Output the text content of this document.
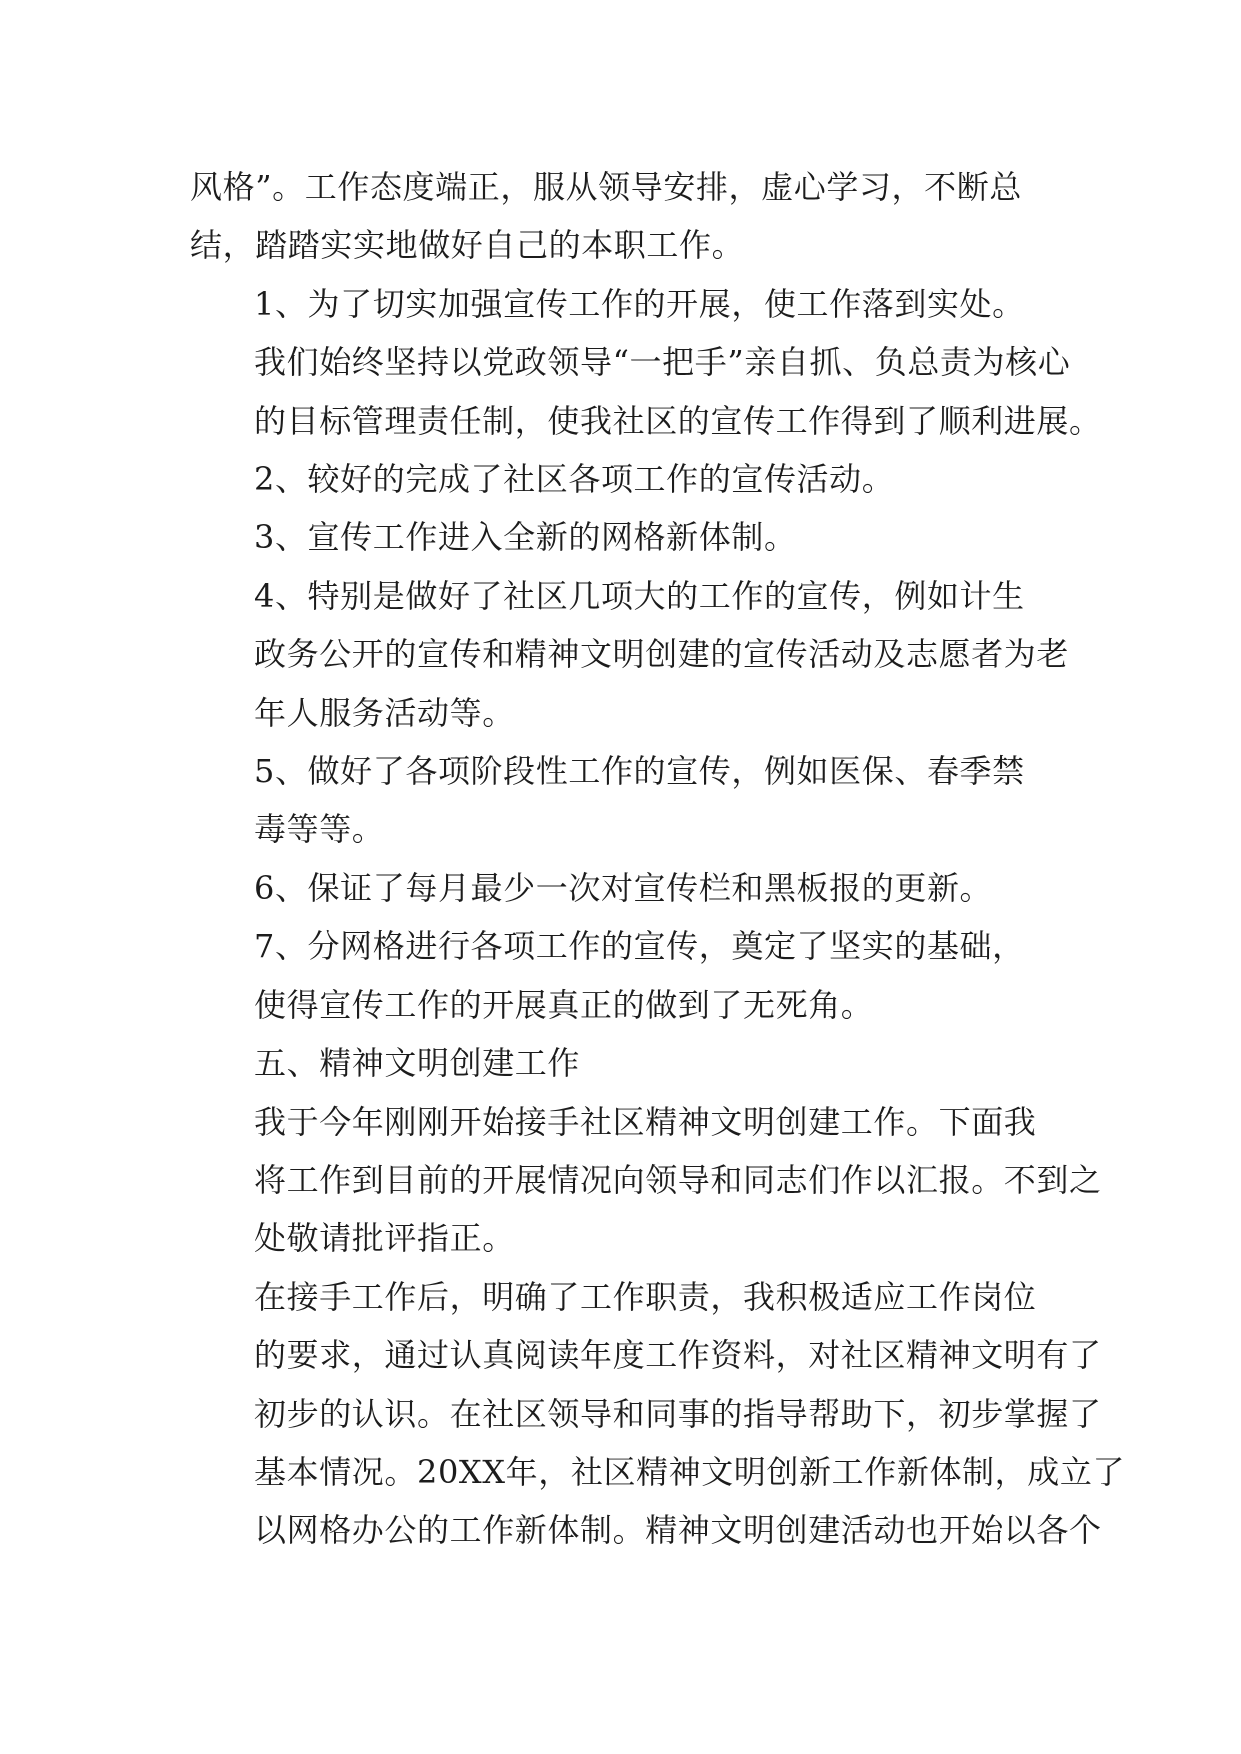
风格”。工作态度端正，服从领导安排，虚心学习，不断总
结，踏踏实实地做好自己的本职工作。

1、为了切实加强宣传工作的开展，使工作落到实处。
我们始终坚持以党政领导“一把手”亲自抓、负总责为核心
的目标管理责任制，使我社区的宣传工作得到了顺利进展。

2、较好的完成了社区各项工作的宣传活动。

3、宣传工作进入全新的网格新体制。

4、特别是做好了社区几项大的工作的宣传，例如计生
政务公开的宣传和精神文明创建的宣传活动及志愿者为老
年人服务活动等。

5、做好了各项阶段性工作的宣传，例如医保、春季禁
毒等等。

6、保证了每月最少一次对宣传栏和黑板报的更新。

7、分网格进行各项工作的宣传，奠定了坚实的基础，
使得宣传工作的开展真正的做到了无死角。

五、精神文明创建工作

我于今年刚刚开始接手社区精神文明创建工作。下面我
将工作到目前的开展情况向领导和同志们作以汇报。不到之
处敬请批评指正。

在接手工作后，明确了工作职责，我积极适应工作岗位
的要求，通过认真阅读年度工作资料，对社区精神文明有了
初步的认识。在社区领导和同事的指导帮助下，初步掌握了
基本情况。20XX年，社区精神文明创新工作新体制，成立了
以网格办公的工作新体制。精神文明创建活动也开始以各个
